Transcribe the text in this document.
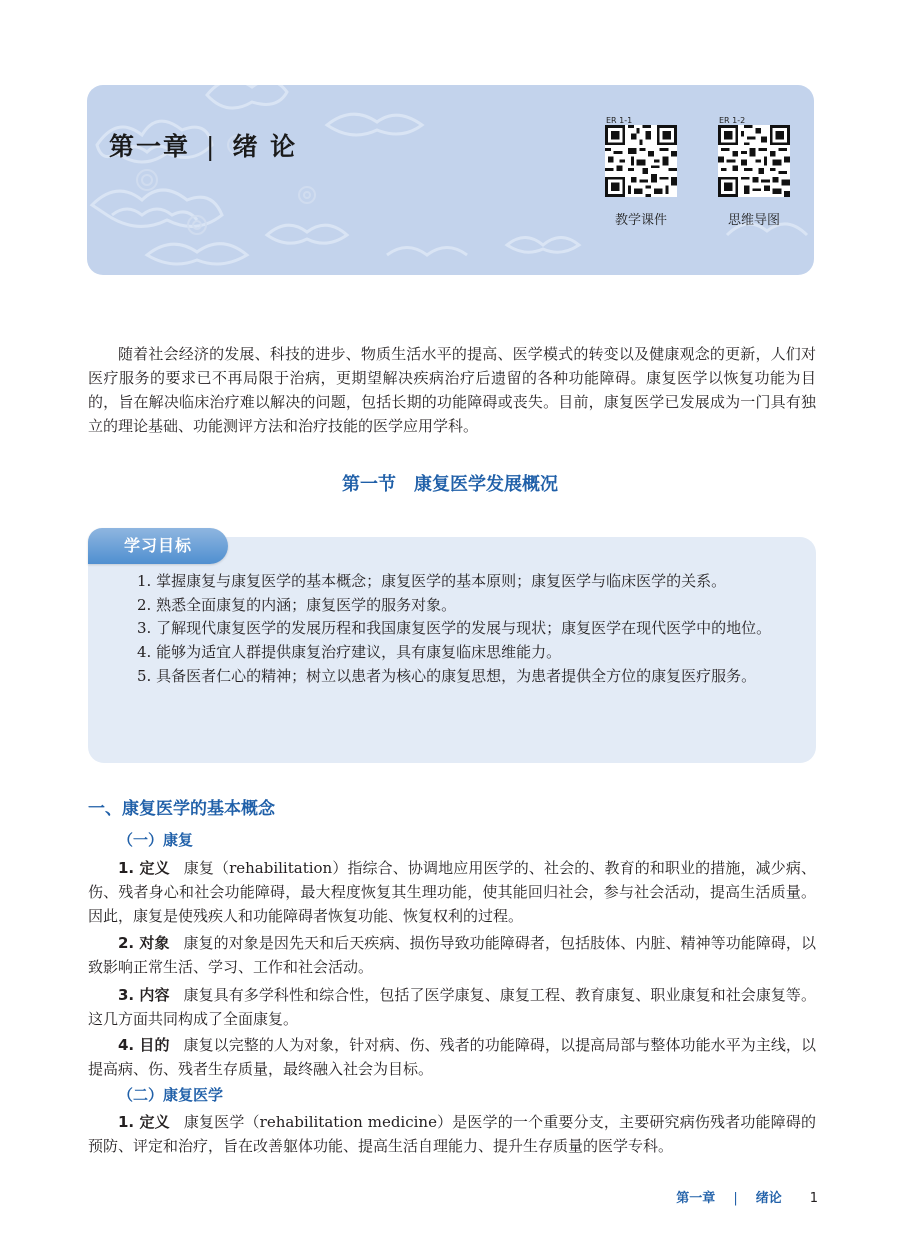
第一章 | 绪 论
ER 1-1
教学课件
ER 1-2
思维导图

随着社会经济的发展、科技的进步、物质生活水平的提高、医学模式的转变以及健康观念的更新，人们对医疗服务的要求已不再局限于治病，更期望解决疾病治疗后遗留的各种功能障碍。康复医学以恢复功能为目的，旨在解决临床治疗难以解决的问题，包括长期的功能障碍或丧失。目前，康复医学已发展成为一门具有独立的理论基础、功能测评方法和治疗技能的医学应用学科。

第一节　康复医学发展概况
学习目标

1. 掌握康复与康复医学的基本概念；康复医学的基本原则；康复医学与临床医学的关系。

2. 熟悉全面康复的内涵；康复医学的服务对象。

3. 了解现代康复医学的发展历程和我国康复医学的发展与现状；康复医学在现代医学中的地位。

4. 能够为适宜人群提供康复治疗建议，具有康复临床思维能力。

5. 具备医者仁心的精神；树立以患者为核心的康复思想，为患者提供全方位的康复医疗服务。

一、康复医学的基本概念
（一）康复

1. 定义 康复（rehabilitation）指综合、协调地应用医学的、社会的、教育的和职业的措施，减少病、伤、残者身心和社会功能障碍，最大程度恢复其生理功能，使其能回归社会，参与社会活动，提高生活质量。因此，康复是使残疾人和功能障碍者恢复功能、恢复权利的过程。

2. 对象 康复的对象是因先天和后天疾病、损伤导致功能障碍者，包括肢体、内脏、精神等功能障碍，以致影响正常生活、学习、工作和社会活动。

3. 内容 康复具有多学科性和综合性，包括了医学康复、康复工程、教育康复、职业康复和社会康复等。这几方面共同构成了全面康复。

4. 目的 康复以完整的人为对象，针对病、伤、残者的功能障碍，以提高局部与整体功能水平为主线，以提高病、伤、残者生存质量，最终融入社会为目标。

（二）康复医学

1. 定义 康复医学（rehabilitation medicine）是医学的一个重要分支，主要研究病伤残者功能障碍的预防、评定和治疗，旨在改善躯体功能、提高生活自理能力、提升生存质量的医学专科。

第一章 | 绪论 1
